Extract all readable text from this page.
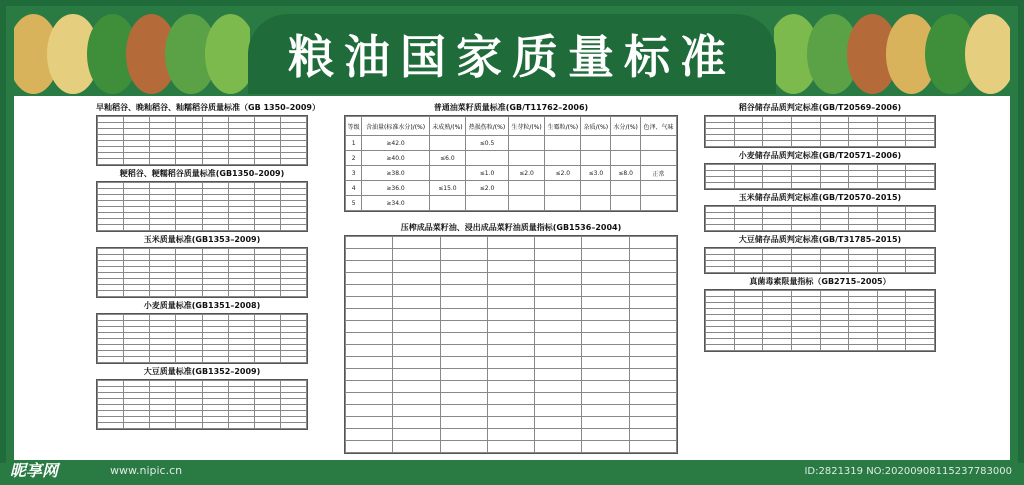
粮油国家质量标准
早籼稻谷、晚籼稻谷、籼糯稻谷质量标准（GB 1350–2009）

粳稻谷、粳糯稻谷质量标准(GB1350–2009)

玉米质量标准(GB1353–2009)

小麦质量标准(GB1351–2008)

大豆质量标准(GB1352–2009)

普通油菜籽质量标准(GB/T11762–2006)
等级	含油量(标准水分)/(%)	未成熟/(%)	热损伤粒/(%)	生芽粒/(%)	生霉粒/(%)	杂质/(%)	水分/(%)	色泽、气味
1	≥42.0		≤0.5					
2	≥40.0	≤6.0						
3	≥38.0		≤1.0	≤2.0	≤2.0	≤3.0	≤8.0	正常
4	≥36.0	≤15.0	≤2.0					
5	≥34.0							
压榨成品菜籽油、浸出成品菜籽油质量指标(GB1536–2004)

稻谷储存品质判定标准(GB/T20569–2006)

小麦储存品质判定标准(GB/T20571–2006)

玉米储存品质判定标准(GB/T20570–2015)

大豆储存品质判定标准(GB/T31785–2015)

真菌毒素限量指标（GB2715–2005）

昵享网	www.nipic.cn	ID:2821319 NO:20200908115237783000
